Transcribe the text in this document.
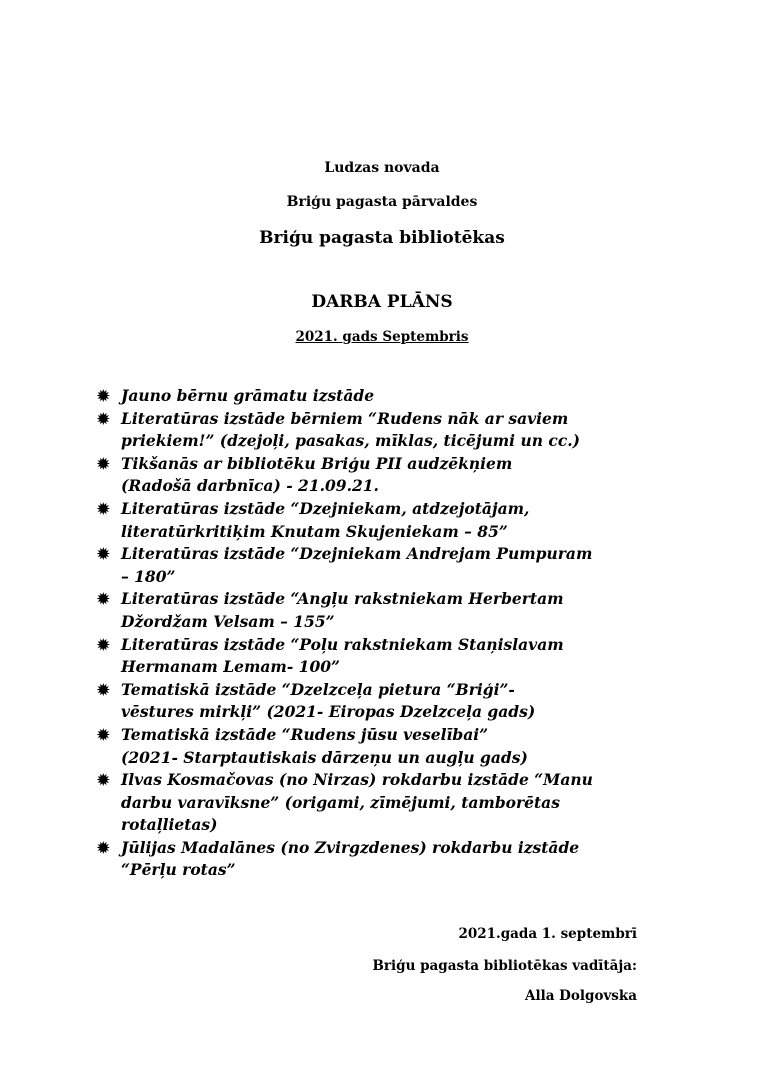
Ludzas novada
Briģu pagasta pārvaldes
Briģu pagasta bibliotēkas
DARBA PLĀNS
2021. gads Septembris
✹ Jauno bērnu grāmatu izstāde
✹ Literatūras izstāde bērniem “Rudens nāk ar saviem
priekiem!” (dzejoļi, pasakas, mīklas, ticējumi un cc.)
✹ Tikšanās ar bibliotēku Briģu PII audzēkņiem
(Radošā darbnīca) - 21.09.21.
✹ Literatūras izstāde “Dzejniekam, atdzejotājam,
literatūrkritiķim Knutam Skujeniekam – 85”
✹ Literatūras izstāde “Dzejniekam Andrejam Pumpuram
– 180”
✹ Literatūras izstāde “Angļu rakstniekam Herbertam
Džordžam Velsam – 155”
✹ Literatūras izstāde “Poļu rakstniekam Staņislavam
Hermanam Lemam- 100”
✹ Tematiskā izstāde “Dzelzceļa pietura “Briģi”-
vēstures mirkļi” (2021- Eiropas Dzelzceļa gads)
✹ Tematiskā izstāde “Rudens jūsu veselībai”
(2021- Starptautiskais dārzeņu un augļu gads)
✹ Ilvas Kosmačovas (no Nirzas) rokdarbu izstāde “Manu
darbu varavīksne” (origami, zīmējumi, tamborētas
rotaļlietas)
✹ Jūlijas Madalānes (no Zvirgzdenes) rokdarbu izstāde
“Pērļu rotas”
2021.gada 1. septembrī
Briģu pagasta bibliotēkas vadītāja:
Alla Dolgovska
